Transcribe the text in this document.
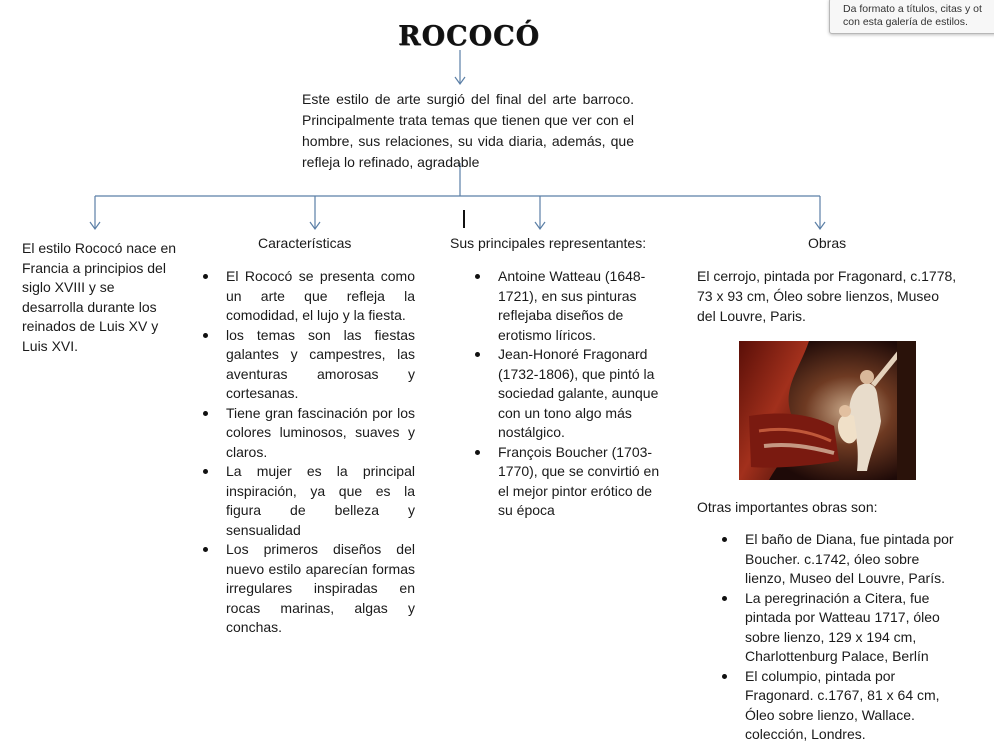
Da formato a títulos, citas y ot
con esta galería de estilos.
ROCOCÓ
Este estilo de arte surgió del final del arte barroco. Principalmente trata temas que tienen que ver con el hombre, sus relaciones, su vida diaria, además, que refleja lo refinado, agradable
El estilo Rococó nace en Francia a principios del siglo XVIII y se desarrolla durante los reinados de Luis XV y Luis XVI.
Características
El Rococó se presenta como un arte que refleja la comodidad, el lujo y la fiesta.
los temas son las fiestas galantes y campestres, las aventuras amorosas y cortesanas.
Tiene gran fascinación por los colores luminosos, suaves y claros.
La mujer es la principal inspiración, ya que es la figura de belleza y sensualidad
Los primeros diseños del nuevo estilo aparecían formas irregulares inspiradas en rocas marinas, algas y conchas.
Sus principales representantes:
Antoine Watteau (1648-1721), en sus pinturas reflejaba diseños de erotismo líricos.
Jean-Honoré Fragonard (1732-1806), que pintó la sociedad galante, aunque con un tono algo más nostálgico.
François Boucher (1703-1770), que se convirtió en el mejor pintor erótico de su época
Obras
El cerrojo, pintada por Fragonard, c.1778, 73 x 93 cm, Óleo sobre lienzos, Museo del Louvre, Paris.
Otras importantes obras son:
El baño de Diana, fue pintada por Boucher. c.1742, óleo sobre lienzo, Museo del Louvre, París.
La peregrinación a Citera, fue pintada por Watteau 1717, óleo sobre lienzo, 129 x 194 cm, Charlottenburg Palace, Berlín
El columpio, pintada por Fragonard. c.1767, 81 x 64 cm, Óleo sobre lienzo, Wallace. colección, Londres.
